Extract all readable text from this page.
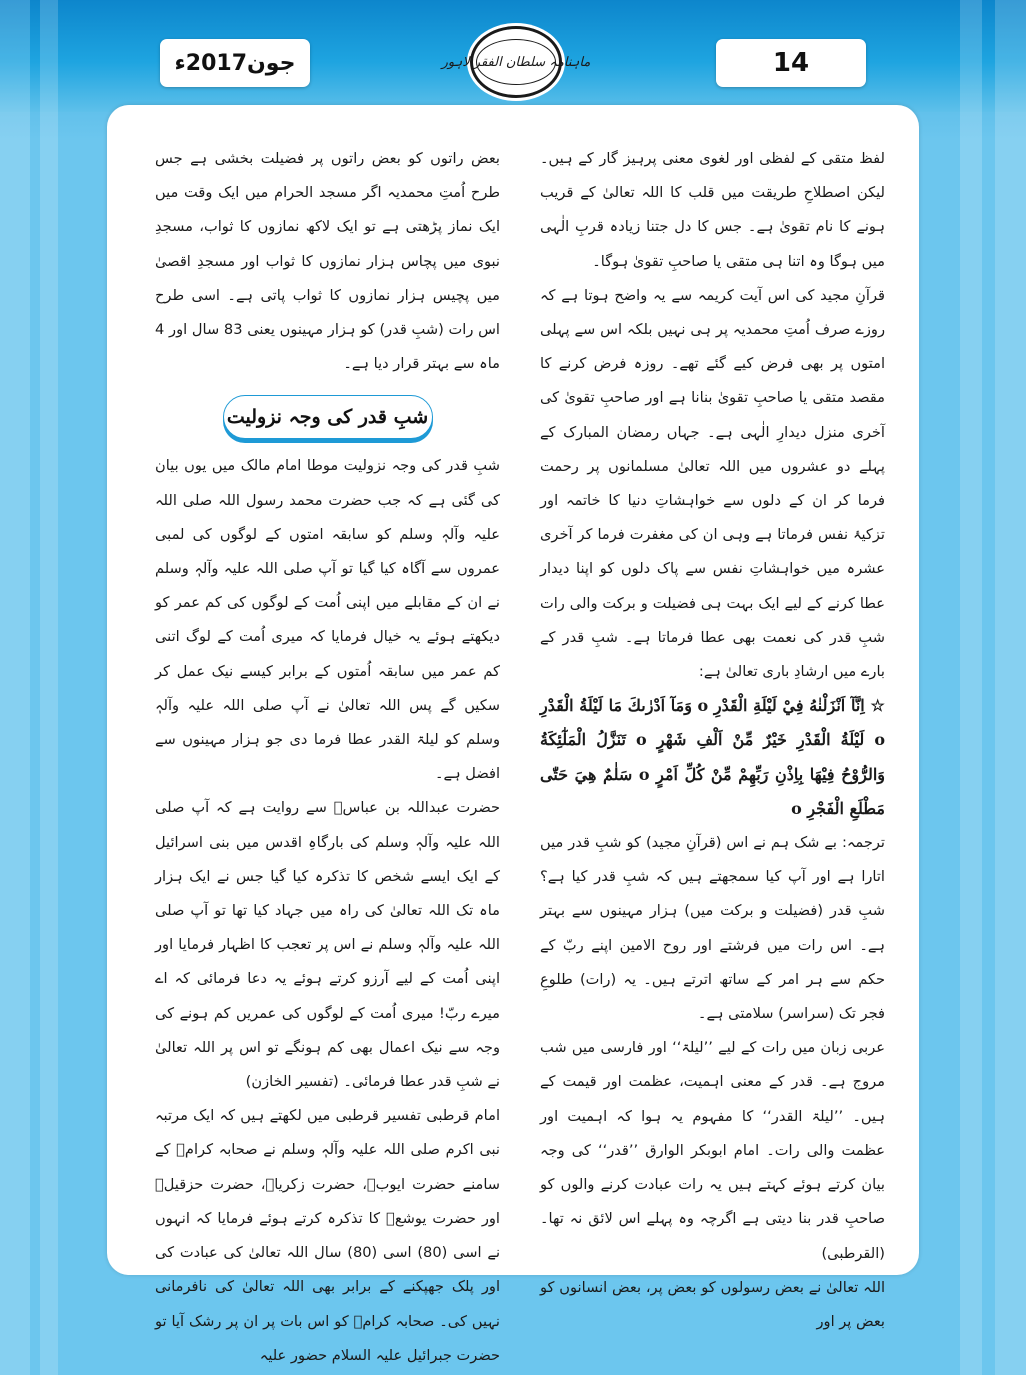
جون2017ء	ماہنامہ سلطان الفقر لاہور	14

لفظ متقی کے لفظی اور لغوی معنی پرہیز گار کے ہیں۔ لیکن اصطلاحِ طریقت میں قلب کا اللہ تعالیٰ کے قریب ہونے کا نام تقویٰ ہے۔ جس کا دل جتنا زیادہ قربِ الٰہی میں ہوگا وہ اتنا ہی متقی یا صاحبِ تقویٰ ہوگا۔

قرآنِ مجید کی اس آیت کریمہ سے یہ واضح ہوتا ہے کہ روزے صرف اُمتِ محمدیہ پر ہی نہیں بلکہ اس سے پہلی امتوں پر بھی فرض کیے گئے تھے۔ روزہ فرض کرنے کا مقصد متقی یا صاحبِ تقویٰ بنانا ہے اور صاحبِ تقویٰ کی آخری منزل دیدارِ الٰہی ہے۔ جہاں رمضان المبارک کے پہلے دو عشروں میں اللہ تعالیٰ مسلمانوں پر رحمت فرما کر ان کے دلوں سے خواہشاتِ دنیا کا خاتمہ اور تزکیۂ نفس فرماتا ہے وہی ان کی مغفرت فرما کر آخری عشرہ میں خواہشاتِ نفس سے پاک دلوں کو اپنا دیدار عطا کرنے کے لیے ایک بہت ہی فضیلت و برکت والی رات شبِ قدر کی نعمت بھی عطا فرماتا ہے۔ شبِ قدر کے بارے میں ارشادِ باری تعالیٰ ہے:

☆ اِنَّآ اَنْزَلْنٰهُ فِيْ لَيْلَةِ الْقَدْرِ o وَمَآ اَدْرٰىكَ مَا لَيْلَةُ الْقَدْرِ o لَيْلَةُ الْقَدْرِ خَيْرٌ مِّنْ اَلْفِ شَهْرٍ o تَنَزَّلُ الْمَلٰٓئِكَةُ وَالرُّوْحُ فِيْهَا بِاِذْنِ رَبِّهِمْ مِّنْ كُلِّ اَمْرٍ o سَلٰمٌ هِيَ حَتّٰى مَطْلَعِ الْفَجْرِ o

ترجمہ: بے شک ہم نے اس (قرآنِ مجید) کو شبِ قدر میں اتارا ہے اور آپ کیا سمجھتے ہیں کہ شبِ قدر کیا ہے؟ شبِ قدر (فضیلت و برکت میں) ہزار مہینوں سے بہتر ہے۔ اس رات میں فرشتے اور روح الامین اپنے ربّ کے حکم سے ہر امر کے ساتھ اترتے ہیں۔ یہ (رات) طلوعِ فجر تک (سراسر) سلامتی ہے۔

عربی زبان میں رات کے لیے ’’لیلۃ‘‘ اور فارسی میں شب مروج ہے۔ قدر کے معنی اہمیت، عظمت اور قیمت کے ہیں۔ ’’لیلۃ القدر‘‘ کا مفہوم یہ ہوا کہ اہمیت اور عظمت والی رات۔ امام ابوبکر الوارق ’’قدر‘‘ کی وجہ بیان کرتے ہوئے کہتے ہیں یہ رات عبادت کرنے والوں کو صاحبِ قدر بنا دیتی ہے اگرچہ وہ پہلے اس لائق نہ تھا۔ (القرطبی)

اللہ تعالیٰ نے بعض رسولوں کو بعض پر، بعض انسانوں کو بعض پر اور

بعض راتوں کو بعض راتوں پر فضیلت بخشی ہے جس طرح اُمتِ محمدیہ اگر مسجد الحرام میں ایک وقت میں ایک نماز پڑھتی ہے تو ایک لاکھ نمازوں کا ثواب، مسجدِ نبوی میں پچاس ہزار نمازوں کا ثواب اور مسجدِ اقصیٰ میں پچیس ہزار نمازوں کا ثواب پاتی ہے۔ اسی طرح اس رات (شبِ قدر) کو ہزار مہینوں یعنی 83 سال اور 4 ماہ سے بہتر قرار دیا ہے۔

شبِ قدر کی وجہ نزولیت

شبِ قدر کی وجہ نزولیت موطا امام مالک میں یوں بیان کی گئی ہے کہ جب حضرت محمد رسول اللہ صلی اللہ علیہ وآلہٖ وسلم کو سابقہ امتوں کے لوگوں کی لمبی عمروں سے آگاہ کیا گیا تو آپ صلی اللہ علیہ وآلہٖ وسلم نے ان کے مقابلے میں اپنی اُمت کے لوگوں کی کم عمر کو دیکھتے ہوئے یہ خیال فرمایا کہ میری اُمت کے لوگ اتنی کم عمر میں سابقہ اُمتوں کے برابر کیسے نیک عمل کر سکیں گے پس اللہ تعالیٰ نے آپ صلی اللہ علیہ وآلہٖ وسلم کو لیلۃ القدر عطا فرما دی جو ہزار مہینوں سے افضل ہے۔

حضرت عبداللہ بن عباسؓ سے روایت ہے کہ آپ صلی اللہ علیہ وآلہٖ وسلم کی بارگاہِ اقدس میں بنی اسرائیل کے ایک ایسے شخص کا تذکرہ کیا گیا جس نے ایک ہزار ماہ تک اللہ تعالیٰ کی راہ میں جہاد کیا تھا تو آپ صلی اللہ علیہ وآلہٖ وسلم نے اس پر تعجب کا اظہار فرمایا اور اپنی اُمت کے لیے آرزو کرتے ہوئے یہ دعا فرمائی کہ اے میرے ربّ! میری اُمت کے لوگوں کی عمریں کم ہونے کی وجہ سے نیک اعمال بھی کم ہونگے تو اس پر اللہ تعالیٰ نے شبِ قدر عطا فرمائی۔ (تفسیر الخازن)

امام قرطبی تفسیر قرطبی میں لکھتے ہیں کہ ایک مرتبہ نبی اکرم صلی اللہ علیہ وآلہٖ وسلم نے صحابہ کرامؓ کے سامنے حضرت ایوبؑ، حضرت زکریاؑ، حضرت حزقیلؑ اور حضرت یوشعؑ کا تذکرہ کرتے ہوئے فرمایا کہ انہوں نے اسی (80) اسی (80) سال اللہ تعالیٰ کی عبادت کی اور پلک جھپکنے کے برابر بھی اللہ تعالیٰ کی نافرمانی نہیں کی۔ صحابہ کرامؓ کو اس بات پر ان پر رشک آیا تو حضرت جبرائیل علیہ السلام حضور علیہ
